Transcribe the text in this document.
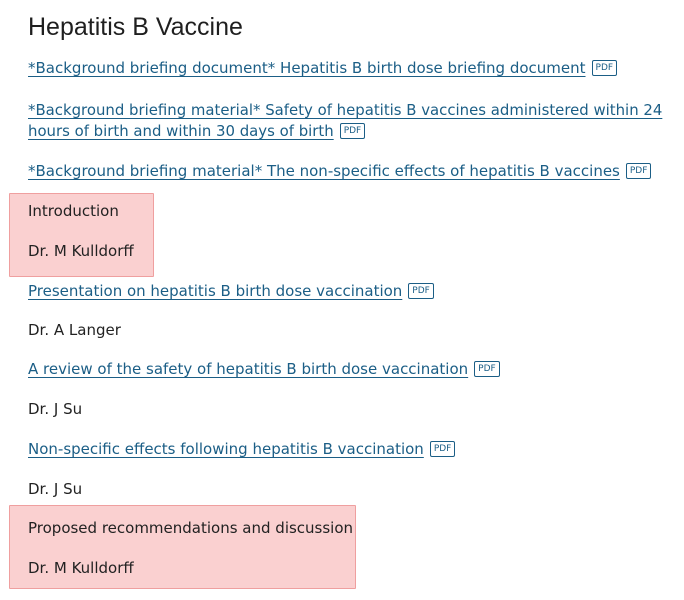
Hepatitis B Vaccine
*Background briefing document* Hepatitis B birth dose briefing document PDF
*Background briefing material* Safety of hepatitis B vaccines administered within 24 hours of birth and within 30 days of birth PDF
*Background briefing material* The non-specific effects of hepatitis B vaccines PDF
Introduction
Dr. M Kulldorff
Presentation on hepatitis B birth dose vaccination PDF
Dr. A Langer
A review of the safety of hepatitis B birth dose vaccination PDF
Dr. J Su
Non-specific effects following hepatitis B vaccination PDF
Dr. J Su
Proposed recommendations and discussion
Dr. M Kulldorff
